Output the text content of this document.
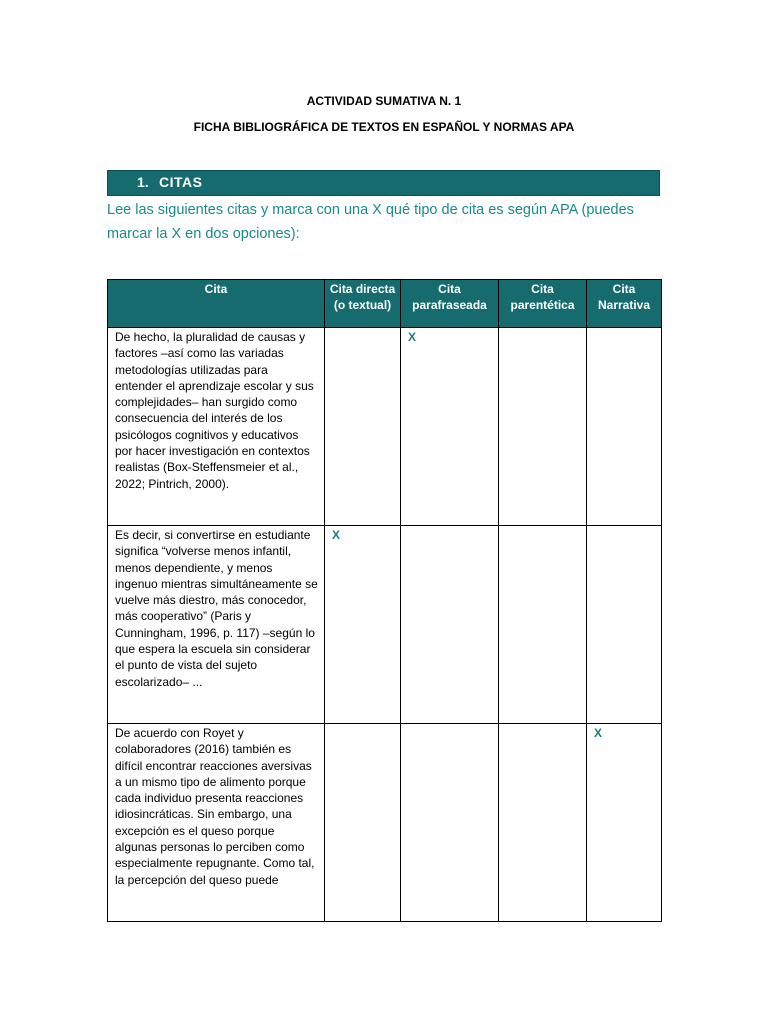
ACTIVIDAD SUMATIVA N. 1
FICHA BIBLIOGRÁFICA DE TEXTOS EN ESPAÑOL Y NORMAS APA
1. CITAS
Lee las siguientes citas y marca con una X qué tipo de cita es según APA (puedes marcar la X en dos opciones):
Cita	Cita directa (o textual)	Cita parafraseada	Cita parentética	Cita Narrativa

De hecho, la pluralidad de causas y factores –así como las variadas metodologías utilizadas para entender el aprendizaje escolar y sus complejidades– han surgido como consecuencia del interés de los psicólogos cognitivos y educativos por hacer investigación en contextos realistas (Box-Steffensmeier et al., 2022; Pintrich, 2000).		X		

Es decir, si convertirse en estudiante significa “volverse menos infantil, menos dependiente, y menos ingenuo mientras simultáneamente se vuelve más diestro, más conocedor, más cooperativo” (Paris y Cunningham, 1996, p. 117) –según lo que espera la escuela sin considerar el punto de vista del sujeto escolarizado– ...	X			

De acuerdo con Royet y colaboradores (2016) también es difícil encontrar reacciones aversivas a un mismo tipo de alimento porque cada individuo presenta reacciones idiosincráticas. Sin embargo, una excepción es el queso porque algunas personas lo perciben como especialmente repugnante. Como tal, la percepción del queso puede				X
